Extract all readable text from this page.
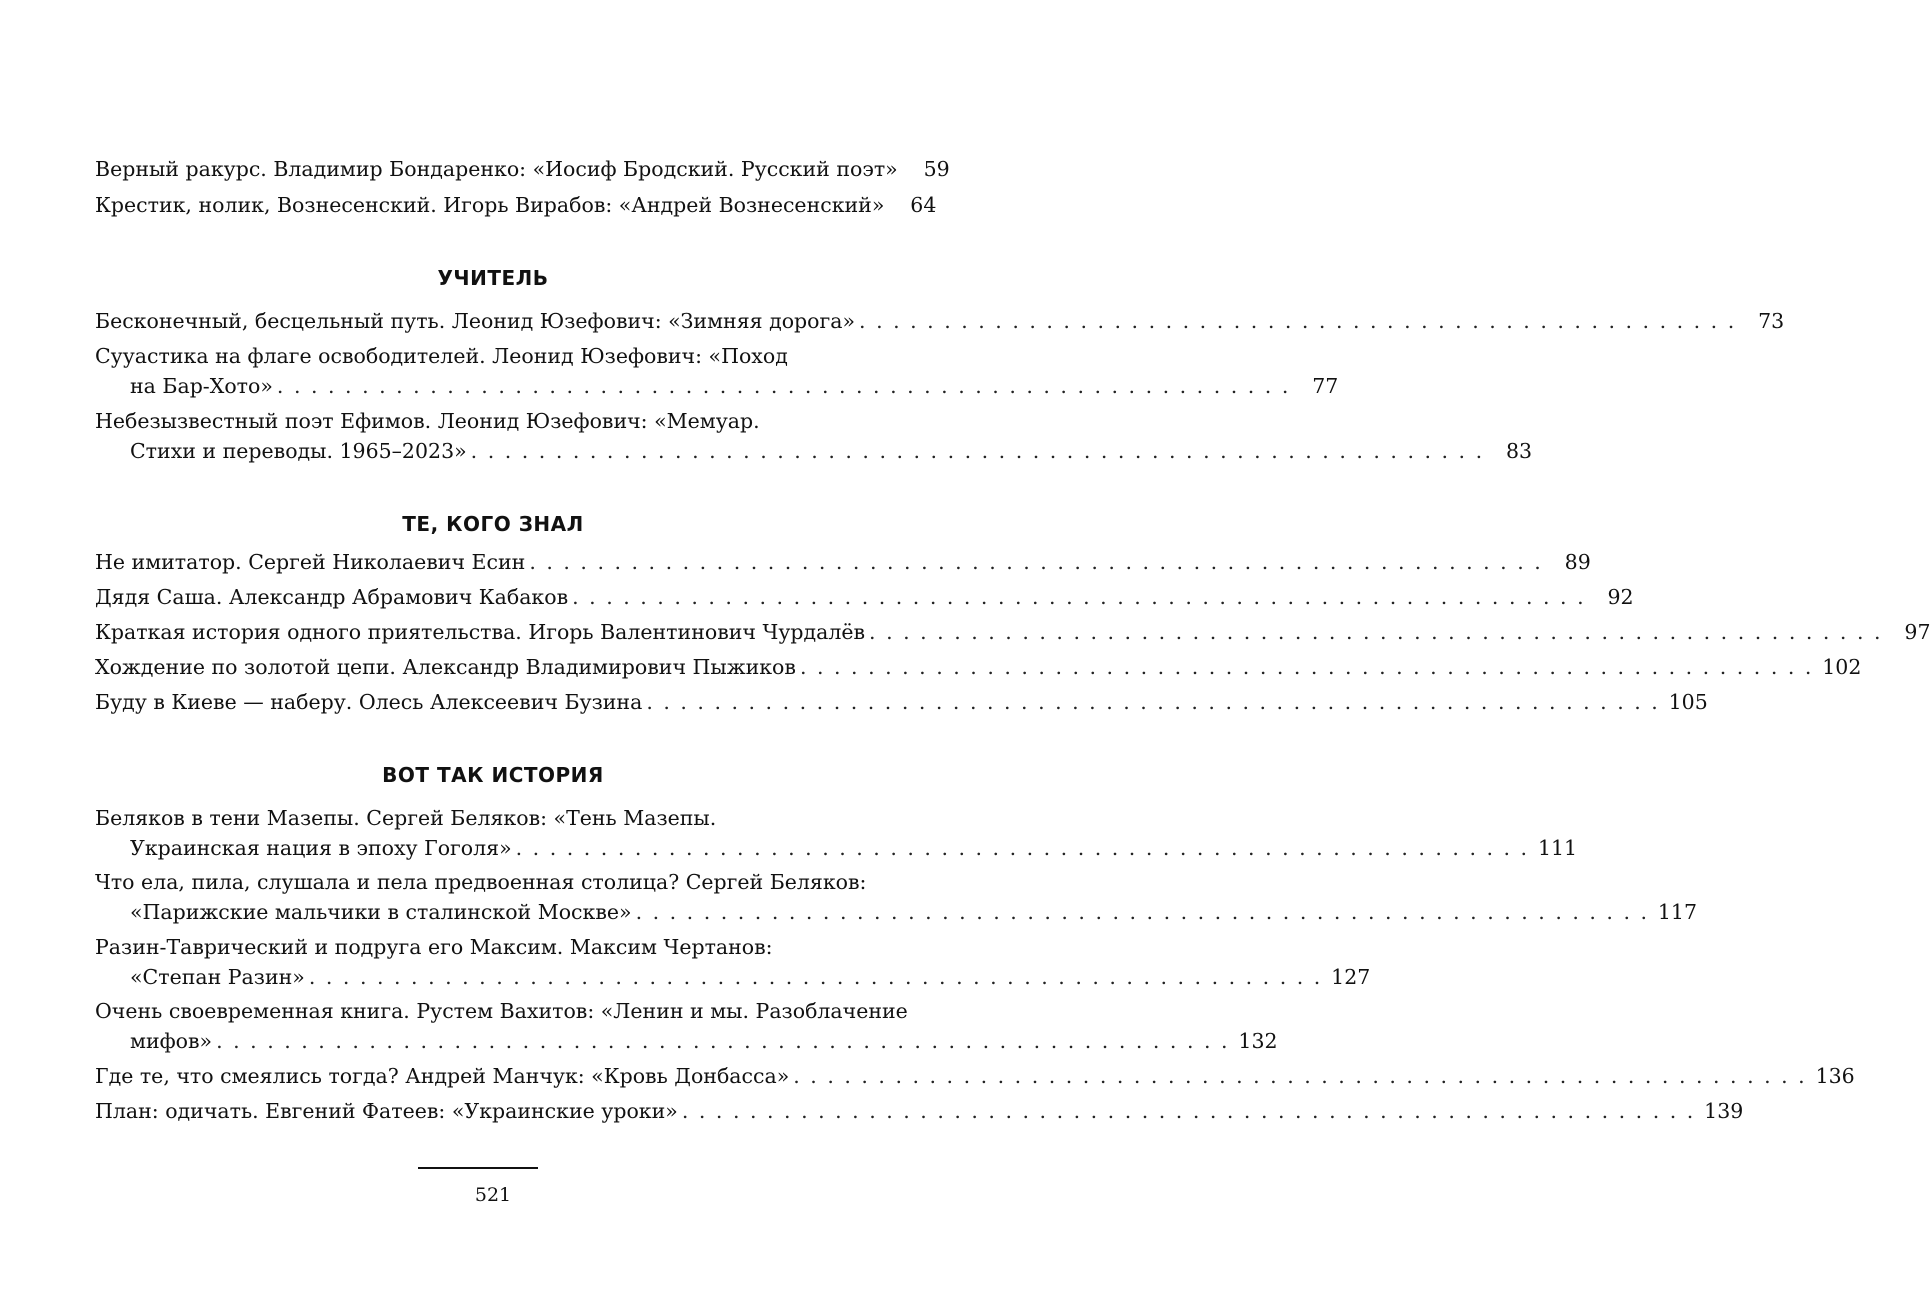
Верный ракурс. Владимир Бондаренко: «Иосиф Бродский. Русский поэт»	59
Крестик, нолик, Вознесенский. Игорь Вирабов: «Андрей Вознесенский»	64
УЧИТЕЛЬ
Бесконечный, бесцельный путь. Леонид Юзефович: «Зимняя дорога» . . . . . . . . . . . . . . . . . . . . . . . . . . . . . . . . . . . . . . . . . . . . . . . . . . . .	73
Сууастика на флаге освободителей. Леонид Юзефович: «Поход
на Бар-Хото» . . . . . . . . . . . . . . . . . . . . . . . . . . . . . . . . . . . . . . . . . . . . . . . . . . . . . . . . . . . .	77
Небезызвестный поэт Ефимов. Леонид Юзефович: «Мемуар.
Стихи и переводы. 1965–2023» . . . . . . . . . . . . . . . . . . . . . . . . . . . . . . . . . . . . . . . . . . . . . . . . . . . . . . . . . . . .	83
ТЕ, КОГО ЗНАЛ
Не имитатор. Сергей Николаевич Есин . . . . . . . . . . . . . . . . . . . . . . . . . . . . . . . . . . . . . . . . . . . . . . . . . . . . . . . . . . . .	89
Дядя Саша. Александр Абрамович Кабаков . . . . . . . . . . . . . . . . . . . . . . . . . . . . . . . . . . . . . . . . . . . . . . . . . . . . . . . . . . . .	92
Краткая история одного приятельства. Игорь Валентинович Чурдалёв . . . . . . . . . . . . . . . . . . . . . . . . . . . . . . . . . . . . . . . . . . . . . . . . . . . . . . . . . . . .	97
Хождение по золотой цепи. Александр Владимирович Пыжиков . . . . . . . . . . . . . . . . . . . . . . . . . . . . . . . . . . . . . . . . . . . . . . . . . . . . . . . . . . . . 102
Буду в Киеве — наберу. Олесь Алексеевич Бузина . . . . . . . . . . . . . . . . . . . . . . . . . . . . . . . . . . . . . . . . . . . . . . . . . . . . . . . . . . . . 105
ВОТ ТАК ИСТОРИЯ
Беляков в тени Мазепы. Сергей Беляков: «Тень Мазепы.
Украинская нация в эпоху Гоголя» . . . . . . . . . . . . . . . . . . . . . . . . . . . . . . . . . . . . . . . . . . . . . . . . . . . . . . . . . . . . 111
Что ела, пила, слушала и пела предвоенная столица? Сергей Беляков:
«Парижские мальчики в сталинской Москве» . . . . . . . . . . . . . . . . . . . . . . . . . . . . . . . . . . . . . . . . . . . . . . . . . . . . . . . . . . . . 117
Разин-Таврический и подруга его Максим. Максим Чертанов:
«Степан Разин» . . . . . . . . . . . . . . . . . . . . . . . . . . . . . . . . . . . . . . . . . . . . . . . . . . . . . . . . . . . . 127
Очень своевременная книга. Рустем Вахитов: «Ленин и мы. Разоблачение
мифов» . . . . . . . . . . . . . . . . . . . . . . . . . . . . . . . . . . . . . . . . . . . . . . . . . . . . . . . . . . . . 132
Где те, что смеялись тогда? Андрей Манчук: «Кровь Донбасса» . . . . . . . . . . . . . . . . . . . . . . . . . . . . . . . . . . . . . . . . . . . . . . . . . . . . . . . . . . . . 136
План: одичать. Евгений Фатеев: «Украинские уроки» . . . . . . . . . . . . . . . . . . . . . . . . . . . . . . . . . . . . . . . . . . . . . . . . . . . . . . . . . . . . 139
521
